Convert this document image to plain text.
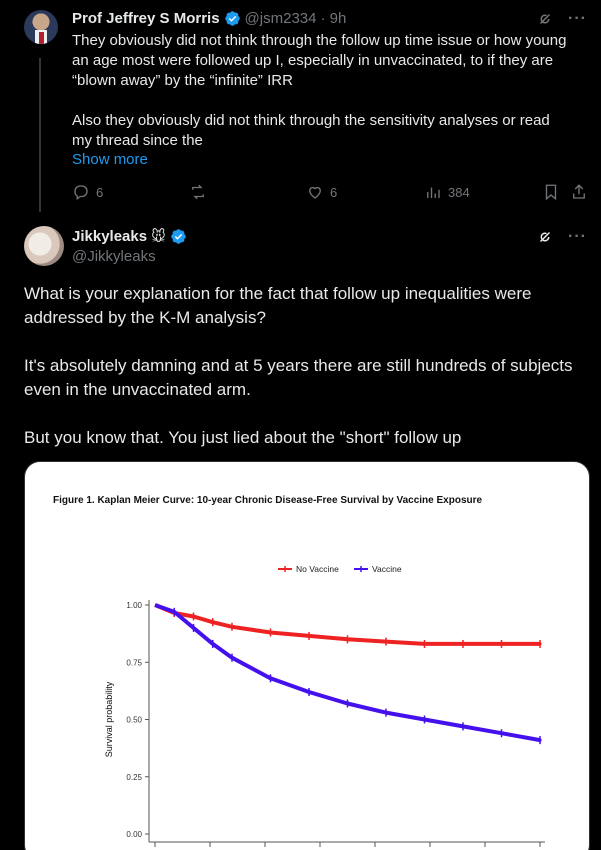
Prof Jeffrey S Morris @jsm2334 · 9h	···

They obviously did not think through the follow up time issue or how young

an age most were followed up I, especially in unvaccinated, to if they are

“blown away” by the “infinite” IRR

Also they obviously did not think through the sensitivity analyses or read

my thread since the

Show more
6	6	384
Jikkyleaks 🐭
@Jikkyleaks
···

What is your explanation for the fact that follow up inequalities were addressed by the K-M analysis?

It's absolutely damning and at 5 years there are still hundreds of subjects even in the unvaccinated arm.

But you know that. You just lied about the "short" follow up

Figure 1. Kaplan Meier Curve: 10-year Chronic Disease-Free Survival by Vaccine Exposure
0.00
0.25
0.50
0.75
1.00
Survival probability
No Vaccine	Vaccine
